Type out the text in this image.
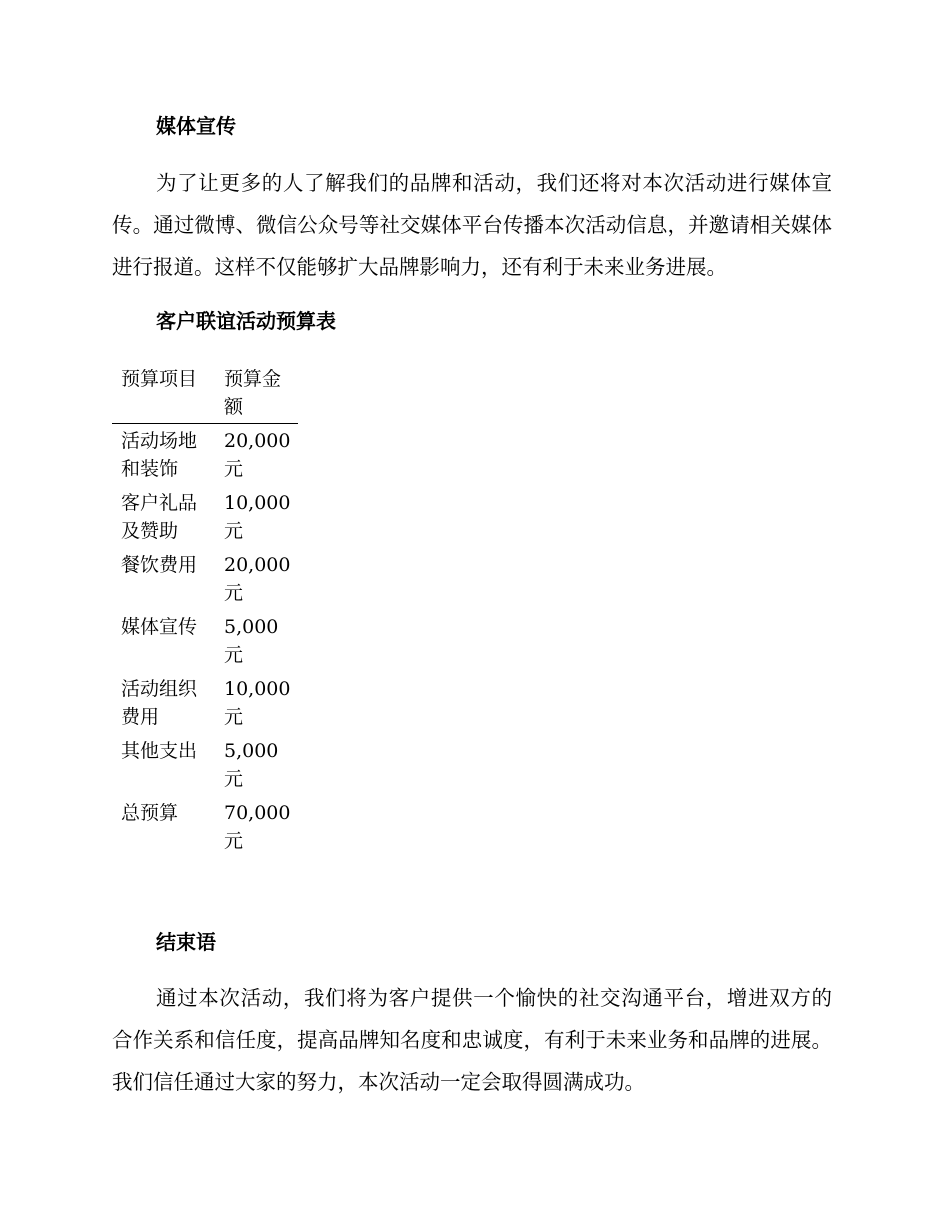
媒体宣传

为了让更多的人了解我们的品牌和活动，我们还将对本次活动进行媒体宣传。通过微博、微信公众号等社交媒体平台传播本次活动信息，并邀请相关媒体进行报道。这样不仅能够扩大品牌影响力，还有利于未来业务进展。

客户联谊活动预算表
预算项目	预算金额
活动场地和装饰	20,000元
客户礼品及赞助	10,000元
餐饮费用	20,000元
媒体宣传	5,000元
活动组织费用	10,000元
其他支出	5,000元
总预算	70,000元
结束语

通过本次活动，我们将为客户提供一个愉快的社交沟通平台，增进双方的合作关系和信任度，提高品牌知名度和忠诚度，有利于未来业务和品牌的进展。我们信任通过大家的努力，本次活动一定会取得圆满成功。
